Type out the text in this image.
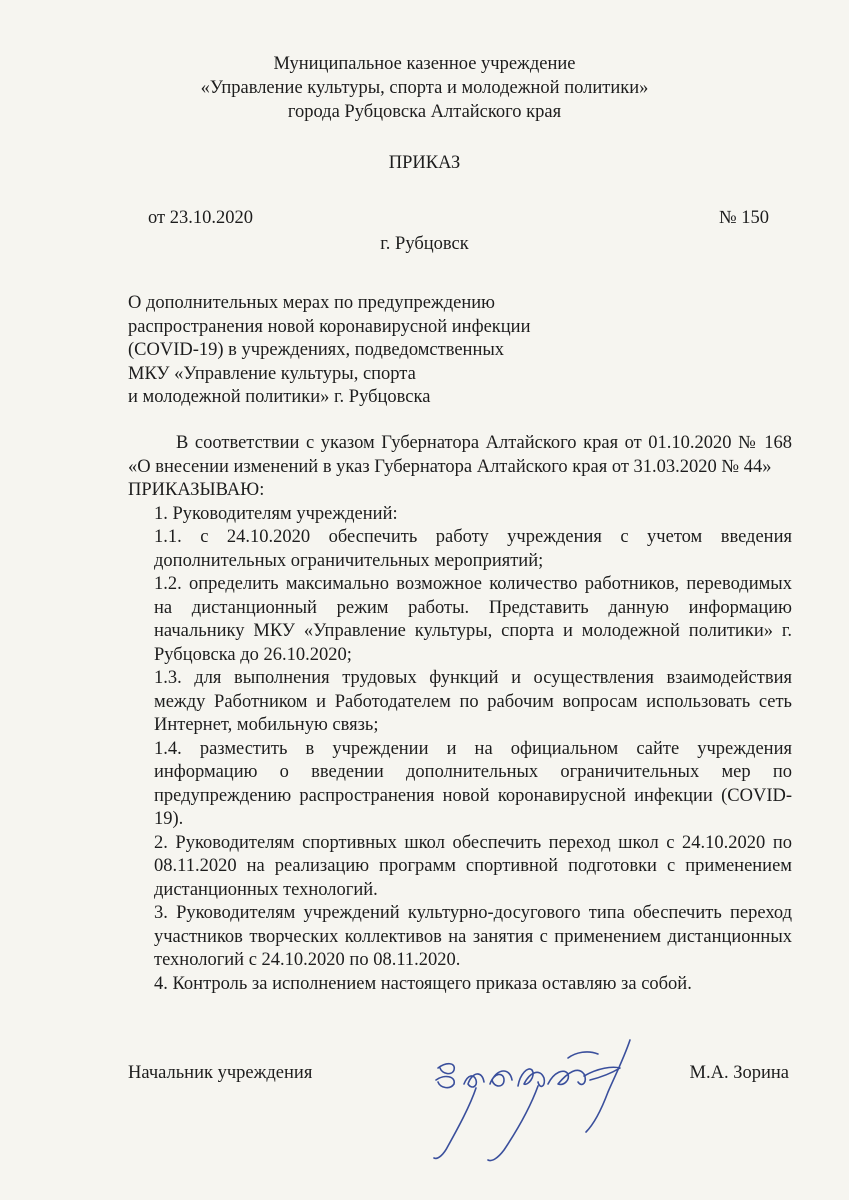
Муниципальное казенное учреждение
«Управление культуры, спорта и молодежной политики»
города Рубцовска Алтайского края
ПРИКАЗ
от 23.10.2020	№ 150
г. Рубцовск
О дополнительных мерах по предупреждению
распространения новой коронавирусной инфекции
(COVID-19) в учреждениях, подведомственных
МКУ «Управление культуры, спорта
и молодежной политики» г. Рубцовска

В соответствии с указом Губернатора Алтайского края от 01.10.2020 № 168 «О внесении изменений в указ Губернатора Алтайского края от 31.03.2020 № 44»

ПРИКАЗЫВАЮ:

1. Руководителям учреждений:

1.1. с 24.10.2020 обеспечить работу учреждения с учетом введения дополнительных ограничительных мероприятий;

1.2. определить максимально возможное количество работников, переводимых на дистанционный режим работы. Представить данную информацию начальнику МКУ «Управление культуры, спорта и молодежной политики» г. Рубцовска до 26.10.2020;

1.3. для выполнения трудовых функций и осуществления взаимодействия между Работником и Работодателем по рабочим вопросам использовать сеть Интернет, мобильную связь;

1.4. разместить в учреждении и на официальном сайте учреждения информацию о введении дополнительных ограничительных мер по предупреждению распространения новой коронавирусной инфекции (COVID-19).

2. Руководителям спортивных школ обеспечить переход школ с 24.10.2020 по 08.11.2020 на реализацию программ спортивной подготовки с применением дистанционных технологий.

3. Руководителям учреждений культурно-досугового типа обеспечить переход участников творческих коллективов на занятия с применением дистанционных технологий с 24.10.2020 по 08.11.2020.

4. Контроль за исполнением настоящего приказа оставляю за собой.

Начальник учреждения	М.А. Зорина
